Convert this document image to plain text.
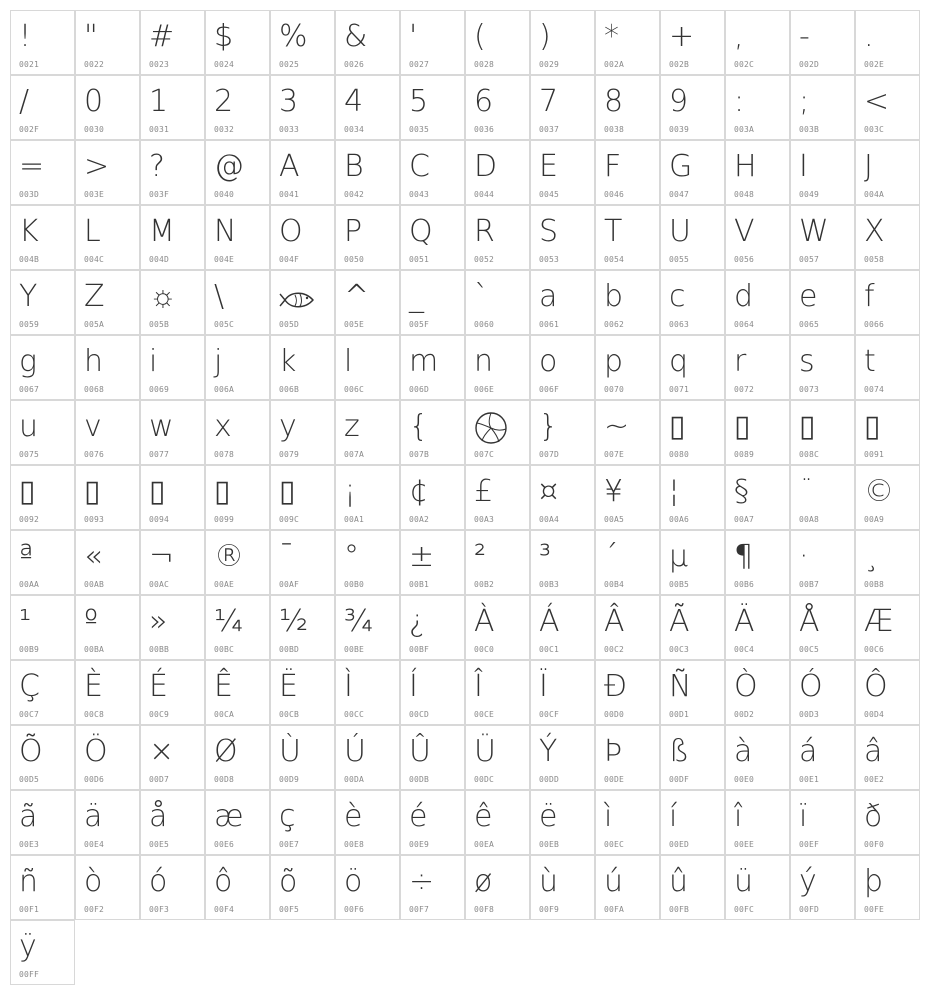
!
0021
"
0022
#
0023
$
0024
%
0025
&
0026
'
0027
(
0028
)
0029
*
002A
+
002B
,
002C
-
002D
.
002E
/
002F
0
0030
1
0031
2
0032
3
0033
4
0034
5
0035
6
0036
7
0037
8
0038
9
0039
:
003A
;
003B
<
003C
=
003D
>
003E
?
003F
@
0040
A
0041
B
0042
C
0043
D
0044
E
0045
F
0046
G
0047
H
0048
I
0049
J
004A
K
004B
L
004C
M
004D
N
004E
O
004F
P
0050
Q
0051
R
0052
S
0053
T
0054
U
0055
V
0056
W
0057
X
0058
Y
0059
Z
005A
☼
005B
\
005C	005D
^
005E
_
005F
`
0060
a
0061
b
0062
c
0063
d
0064
e
0065
f
0066
g
0067
h
0068
i
0069
j
006A
k
006B
l
006C
m
006D
n
006E
o
006F
p
0070
q
0071
r
0072
s
0073
t
0074
u
0075
v
0076
w
0077
x
0078
y
0079
z
007A
{
007B	007C
}
007D
~
007E
▯
0080
▯
0089
▯
008C
▯
0091
▯
0092
▯
0093
▯
0094
▯
0099
▯
009C
¡
00A1
¢
00A2
£
00A3
¤
00A4
¥
00A5
¦
00A6
§
00A7
¨
00A8
©
00A9
ª
00AA
«
00AB
¬
00AC
®
00AE
¯
00AF
°
00B0
±
00B1
²
00B2
³
00B3
´
00B4
µ
00B5
¶
00B6
·
00B7
¸
00B8
¹
00B9
º
00BA
»
00BB
¼
00BC
½
00BD
¾
00BE
¿
00BF
À
00C0
Á
00C1
Â
00C2
Ã
00C3
Ä
00C4
Å
00C5
Æ
00C6
Ç
00C7
È
00C8
É
00C9
Ê
00CA
Ë
00CB
Ì
00CC
Í
00CD
Î
00CE
Ï
00CF
Ð
00D0
Ñ
00D1
Ò
00D2
Ó
00D3
Ô
00D4
Õ
00D5
Ö
00D6
×
00D7
Ø
00D8
Ù
00D9
Ú
00DA
Û
00DB
Ü
00DC
Ý
00DD
Þ
00DE
ß
00DF
à
00E0
á
00E1
â
00E2
ã
00E3
ä
00E4
å
00E5
æ
00E6
ç
00E7
è
00E8
é
00E9
ê
00EA
ë
00EB
ì
00EC
í
00ED
î
00EE
ï
00EF
ð
00F0
ñ
00F1
ò
00F2
ó
00F3
ô
00F4
õ
00F5
ö
00F6
÷
00F7
ø
00F8
ù
00F9
ú
00FA
û
00FB
ü
00FC
ý
00FD
þ
00FE
ÿ
00FF
